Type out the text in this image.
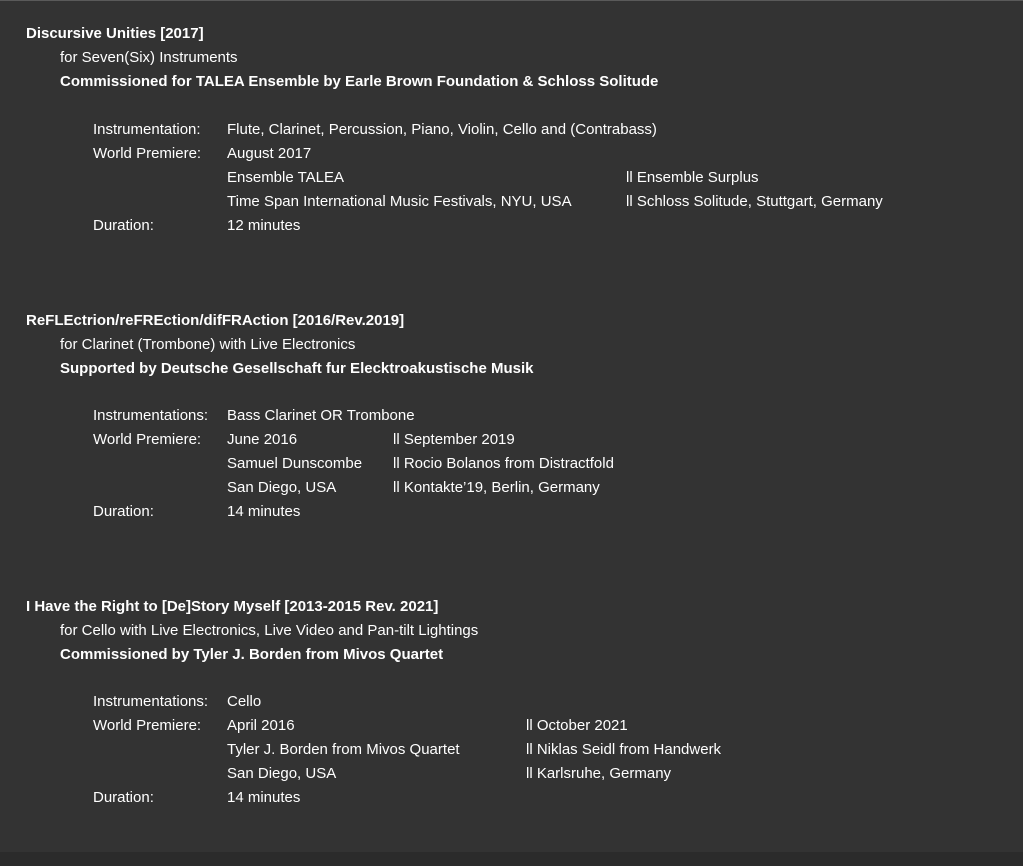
Discursive Unities [2017]
for Seven(Six) Instruments
Commissioned for TALEA Ensemble by Earle Brown Foundation & Schloss Solitude
Instrumentation: Flute, Clarinet, Percussion, Piano, Violin, Cello and (Contrabass)
World Premiere: August 2017
Ensemble TALEA	ll Ensemble Surplus
Time Span International Music Festivals, NYU, USA	ll Schloss Solitude, Stuttgart, Germany
Duration:	12 minutes
ReFLEctrion/reFREction/difFRAction [2016/Rev.2019]
for Clarinet (Trombone) with Live Electronics
Supported by Deutsche Gesellschaft fur Elecktroakustische Musik
Instrumentations: Bass Clarinet OR Trombone
World Premiere: June 2016	ll September 2019
Samuel Dunscombe ll Rocio Bolanos from Distractfold
San Diego, USA	ll Kontakte’19, Berlin, Germany
Duration:	14 minutes
I Have the Right to [De]Story Myself [2013-2015 Rev. 2021]
for Cello with Live Electronics, Live Video and Pan-tilt Lightings
Commissioned by Tyler J. Borden from Mivos Quartet
Instrumentations: Cello
World Premiere: April 2016	ll October 2021
Tyler J. Borden from Mivos Quartet	ll Niklas Seidl from Handwerk
San Diego, USA	ll Karlsruhe, Germany
Duration:	14 minutes
